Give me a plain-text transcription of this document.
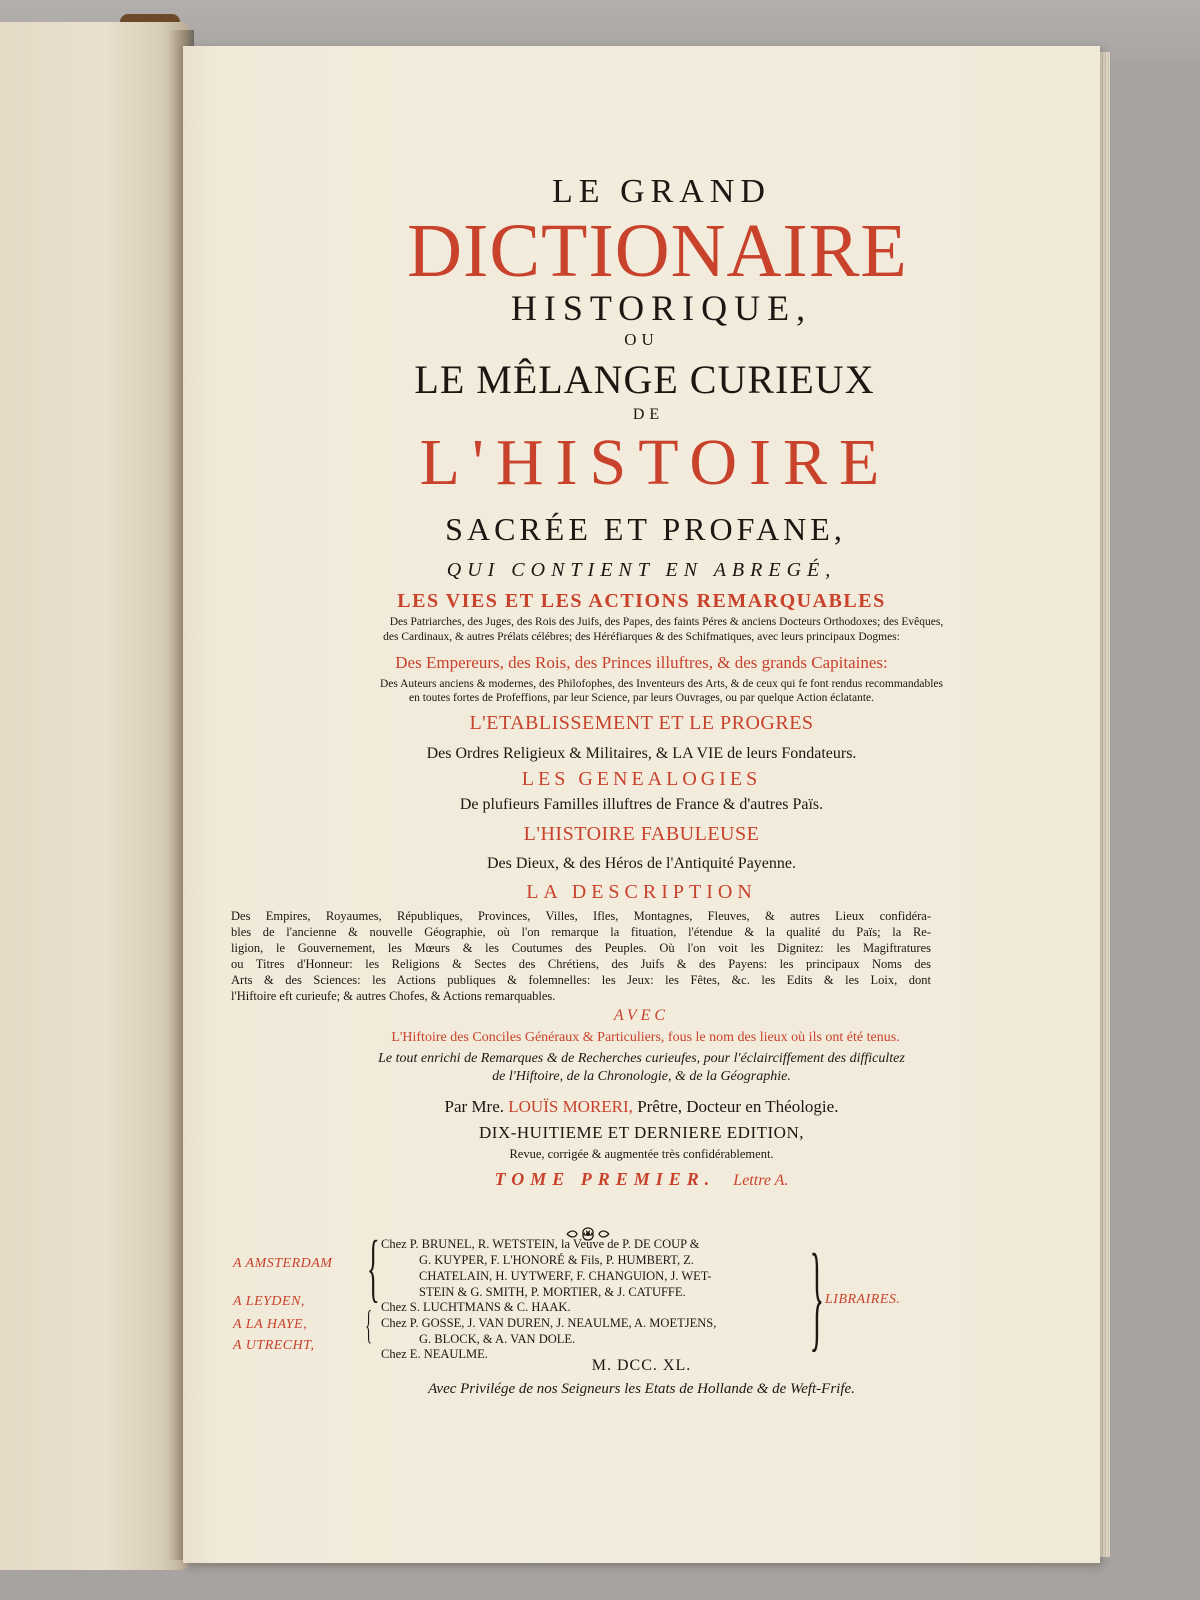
LE GRAND
DICTIONAIRE
HISTORIQUE,
OU
LE MÊLANGE CURIEUX
DE
L'HISTOIRE
SACRÉE ET PROFANE,
QUI CONTIENT EN ABREGÉ,
LES VIES ET LES ACTIONS REMARQUABLES
Des Patriarches, des Juges, des Rois des Juifs, des Papes, des faints Péres & anciens Docteurs Orthodoxes; des Evêques,
des Cardinaux, & autres Prélats célébres; des Héréfiarques & des Schifmatiques, avec leurs principaux Dogmes:
Des Empereurs, des Rois, des Princes illuftres, & des grands Capitaines:
Des Auteurs anciens & modernes, des Philofophes, des Inventeurs des Arts, & de ceux qui fe font rendus recommandables
en toutes fortes de Profeffions, par leur Science, par leurs Ouvrages, ou par quelque Action éclatante.
L'ETABLISSEMENT ET LE PROGRES
Des Ordres Religieux & Militaires, & LA VIE de leurs Fondateurs.
LES GENEALOGIES
De plufieurs Familles illuftres de France & d'autres Païs.
L'HISTOIRE FABULEUSE
Des Dieux, & des Héros de l'Antiquité Payenne.
LA DESCRIPTION
Des Empires, Royaumes, Républiques, Provinces, Villes, Ifles, Montagnes, Fleuves, & autres Lieux confidéra-
bles de l'ancienne & nouvelle Géographie, où l'on remarque la fituation, l'étendue & la qualité du Païs; la Re-
ligion, le Gouvernement, les Mœurs & les Coutumes des Peuples. Où l'on voit les Dignitez: les Magiftratures
ou Titres d'Honneur: les Religions & Sectes des Chrétiens, des Juifs & des Payens: les principaux Noms des
Arts & des Sciences: les Actions publiques & folemnelles: les Jeux: les Fêtes, &c. les Edits & les Loix, dont
l'Hiftoire eft curieufe; & autres Chofes, & Actions remarquables.
AVEC
L'Hiftoire des Conciles Généraux & Particuliers, fous le nom des lieux où ils ont été tenus.
Le tout enrichi de Remarques & de Recherches curieufes, pour l'éclairciffement des difficultez
de l'Hiftoire, de la Chronologie, & de la Géographie.
Par Mre. LOUÏS MORERI, Prêtre, Docteur en Théologie.
DIX-HUITIEME ET DERNIERE EDITION,
Revue, corrigée & augmentée très confidérablement.
TOME PREMIER. Lettre A.
A AMSTERDAM
A LEYDEN,
A LA HAYE,
A UTRECHT,
{
{	}
Chez P. BRUNEL, R. WETSTEIN, la Veuve de P. DE COUP &
G. KUYPER, F. L'HONORÉ & Fils, P. HUMBERT, Z.
CHATELAIN, H. UYTWERF, F. CHANGUION, J. WET-
STEIN & G. SMITH, P. MORTIER, & J. CATUFFE.
Chez S. LUCHTMANS & C. HAAK.
Chez P. GOSSE, J. VAN DUREN, J. NEAULME, A. MOETJENS,
G. BLOCK, & A. VAN DOLE.
Chez E. NEAULME.
LIBRAIRES.
M. DCC. XL.
Avec Privilége de nos Seigneurs les Etats de Hollande & de Weft-Frife.
